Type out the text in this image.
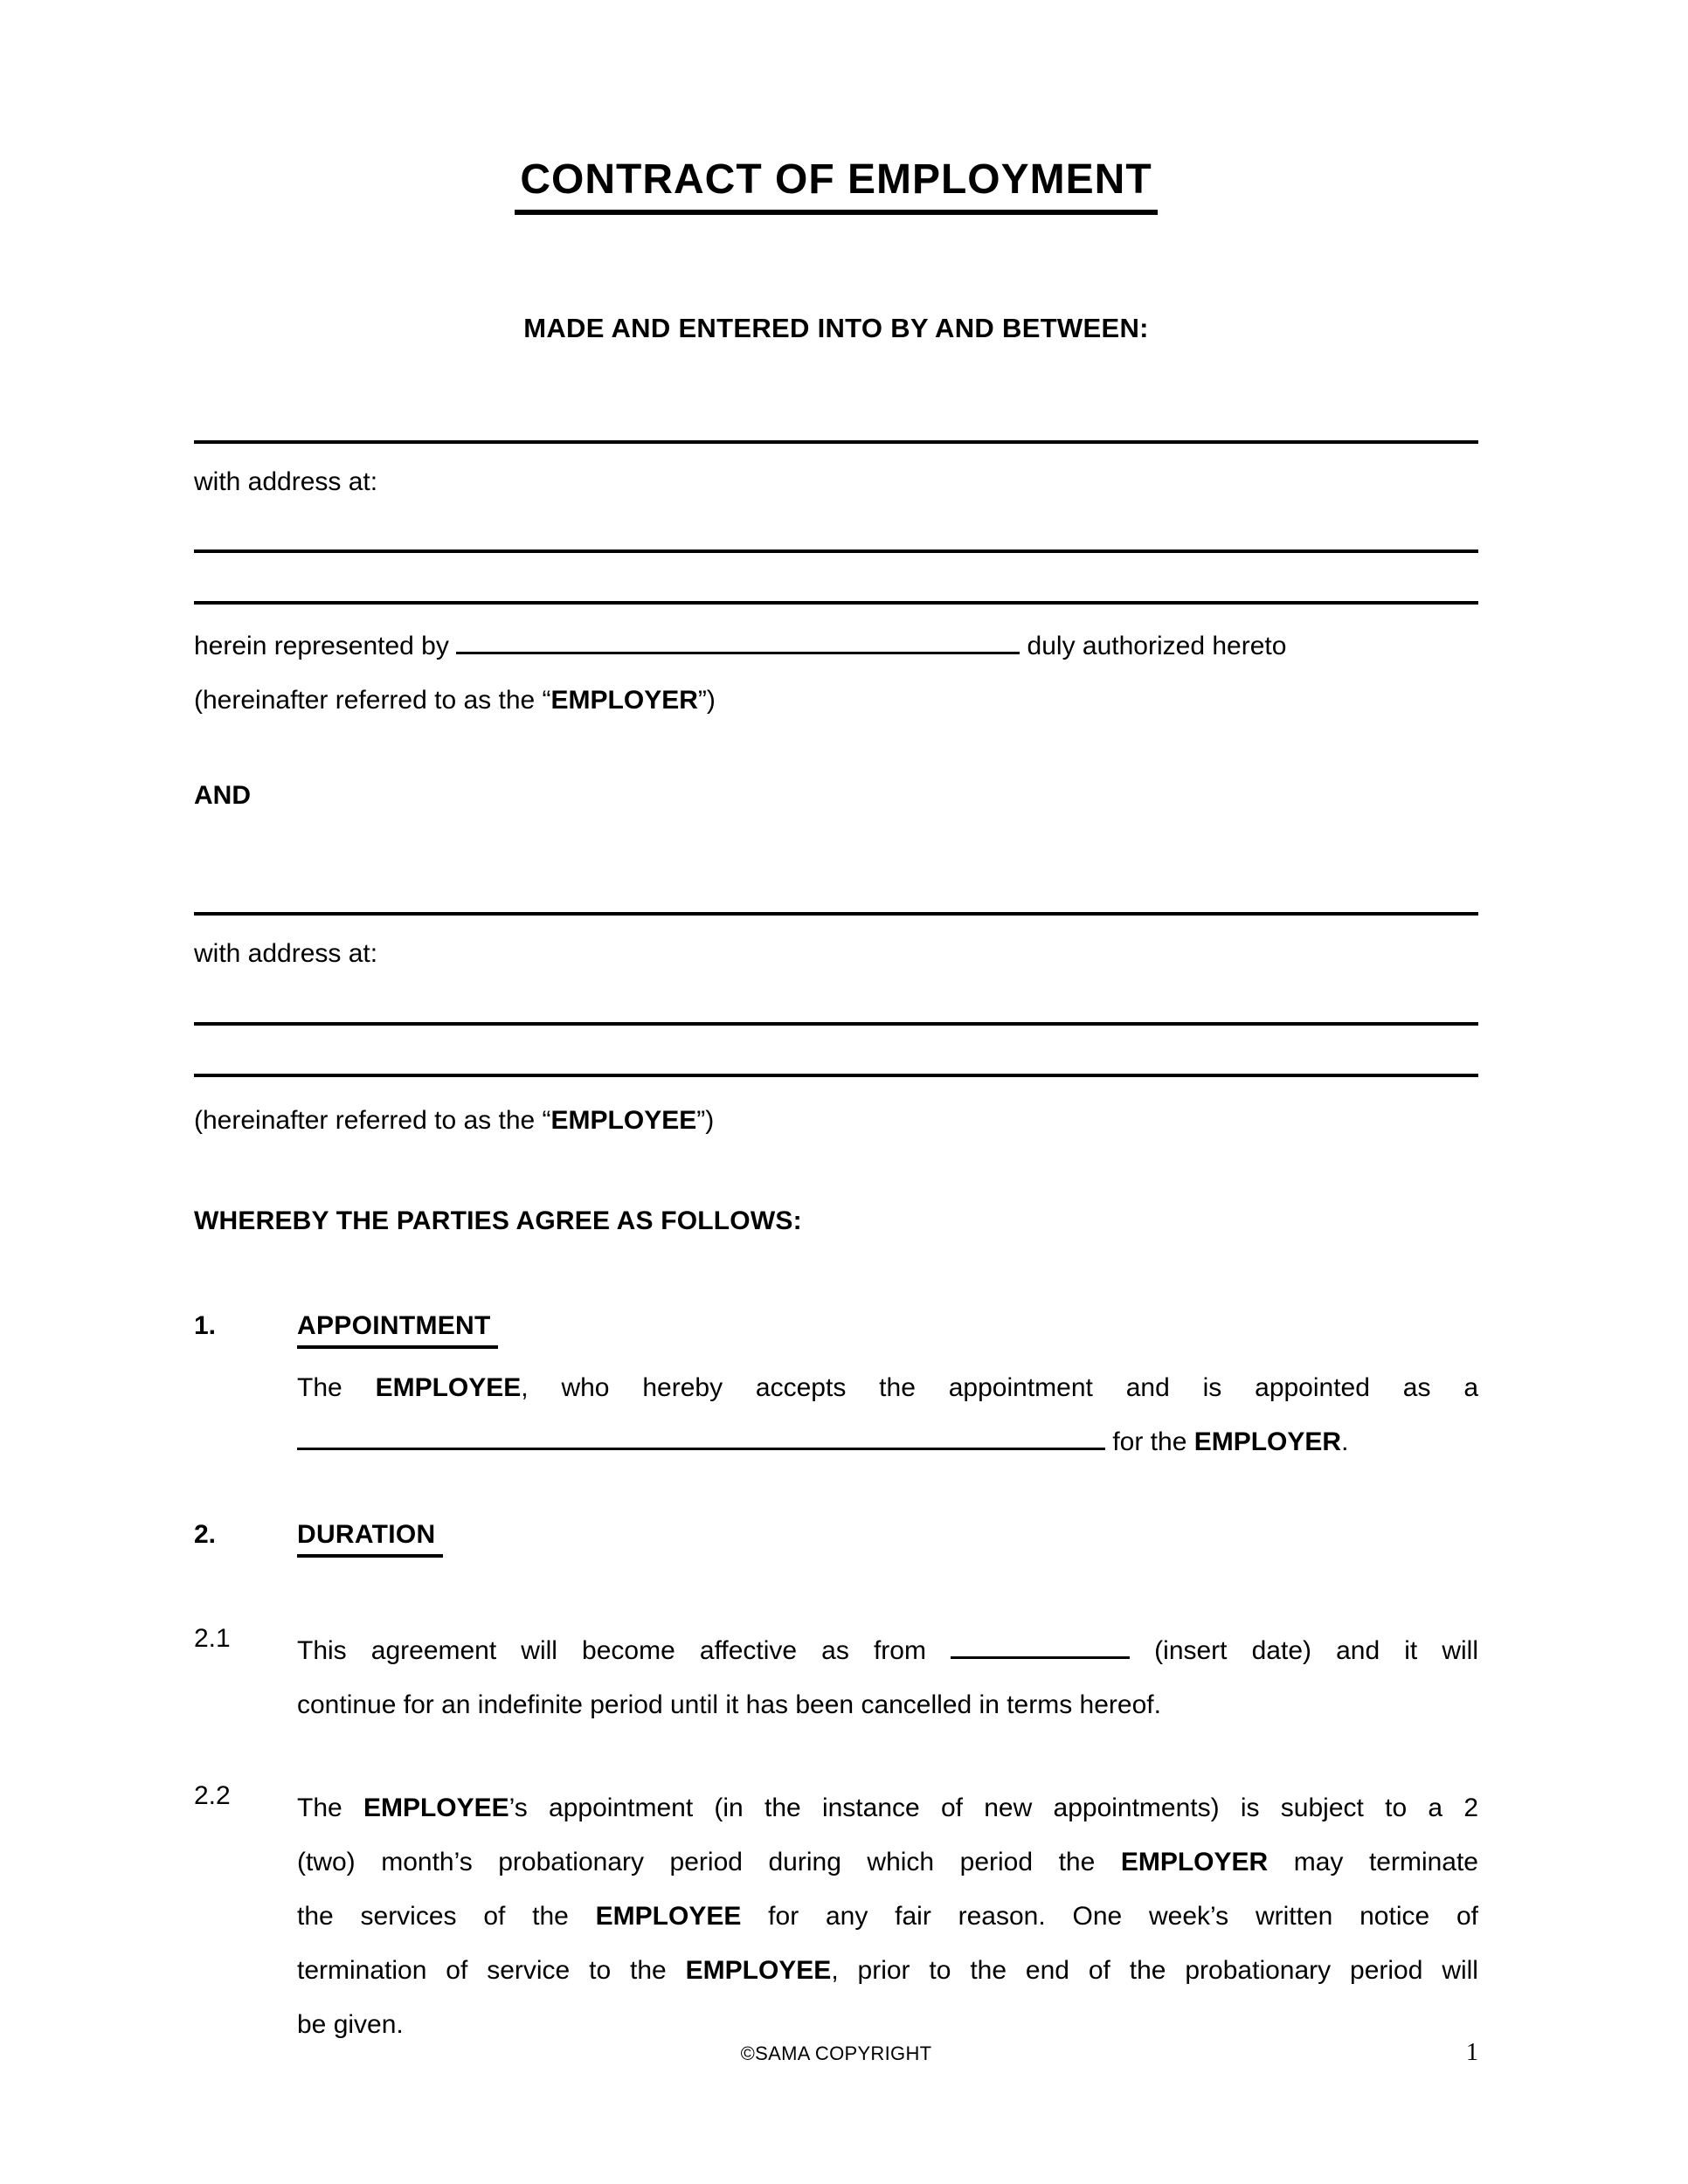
CONTRACT OF EMPLOYMENT
MADE AND ENTERED INTO BY AND BETWEEN:
with address at:
herein represented by	duly authorized hereto
(hereinafter referred to as the “EMPLOYER”)
AND
with address at:
(hereinafter referred to as the “EMPLOYEE”)
WHEREBY THE PARTIES AGREE AS FOLLOWS:
1.	APPOINTMENT
The EMPLOYEE, who hereby accepts the appointment and is appointed as a
for the EMPLOYER.
2.	DURATION
2.1	This agreement will become affective as from	(insert date) and it will
continue for an indefinite period until it has been cancelled in terms hereof.
2.2	The EMPLOYEE’s appointment (in the instance of new appointments) is subject to a 2
(two) month’s probationary period during which period the EMPLOYER may terminate
the services of the EMPLOYEE for any fair reason. One week’s written notice of
termination of service to the EMPLOYEE, prior to the end of the probationary period will
be given.
©SAMA COPYRIGHT	1
